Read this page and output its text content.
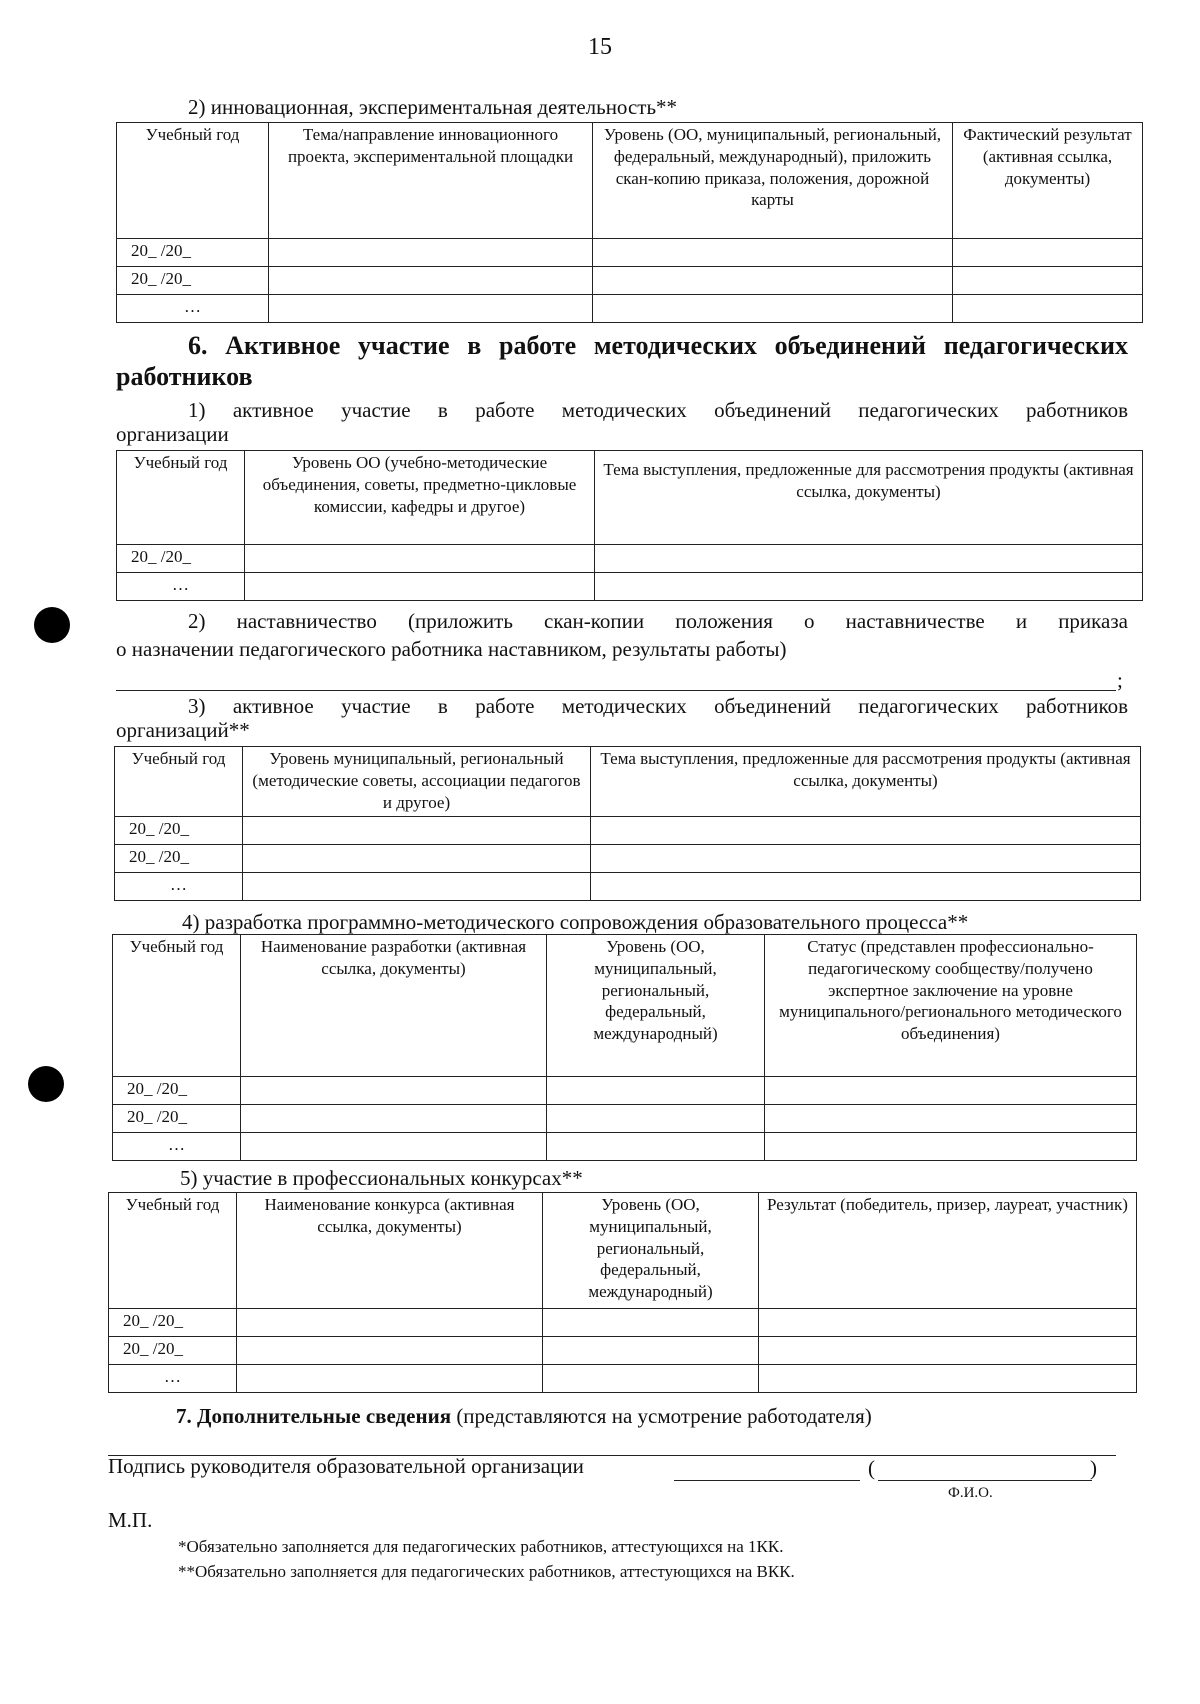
15
2) инновационная, экспериментальная деятельность**
Учебный год	Тема/направление инновационного проекта, экспериментальной площадки	Уровень (ОО, муниципальный, региональный, федеральный, международный), приложить скан-копию приказа, положения, дорожной карты	Фактический результат (активная ссылка, документы)
20_ /20_			
20_ /20_			
…			
6. Активное участие в работе методических объединений педагогических
работников
1) активное участие в работе методических объединений педагогических работников
организации
Учебный год	Уровень ОО (учебно-методические объединения, советы, предметно-цикловые комиссии, кафедры и другое)	Тема выступления, предложенные для рассмотрения продукты (активная ссылка, документы)
20_ /20_		
…		
2) наставничество (приложить скан-копии положения о наставничестве и приказа
о назначении педагогического работника наставником, результаты работы)
;
3) активное участие в работе методических объединений педагогических работников
организаций**
Учебный год	Уровень муниципальный, региональный (методические советы, ассоциации педагогов и другое)	Тема выступления, предложенные для рассмотрения продукты (активная ссылка, документы)
20_ /20_		
20_ /20_		
…		
4) разработка программно-методического сопровождения образовательного процесса**
Учебный год	Наименование разработки (активная ссылка, документы)	Уровень (ОО, муниципальный, региональный, федеральный, международный)	Статус (представлен профессионально-педагогическому сообществу/получено экспертное заключение на уровне муниципального/регионального методического объединения)
20_ /20_			
20_ /20_			
…			
5) участие в профессиональных конкурсах**
Учебный год	Наименование конкурса (активная ссылка, документы)	Уровень (ОО, муниципальный, региональный, федеральный, международный)	Результат (победитель, призер, лауреат, участник)
20_ /20_			
20_ /20_			
…			
7. Дополнительные сведения (представляются на усмотрение работодателя)
Подпись руководителя образовательной организации	(	)
Ф.И.О.
М.П.
*Обязательно заполняется для педагогических работников, аттестующихся на 1КК.
**Обязательно заполняется для педагогических работников, аттестующихся на ВКК.
